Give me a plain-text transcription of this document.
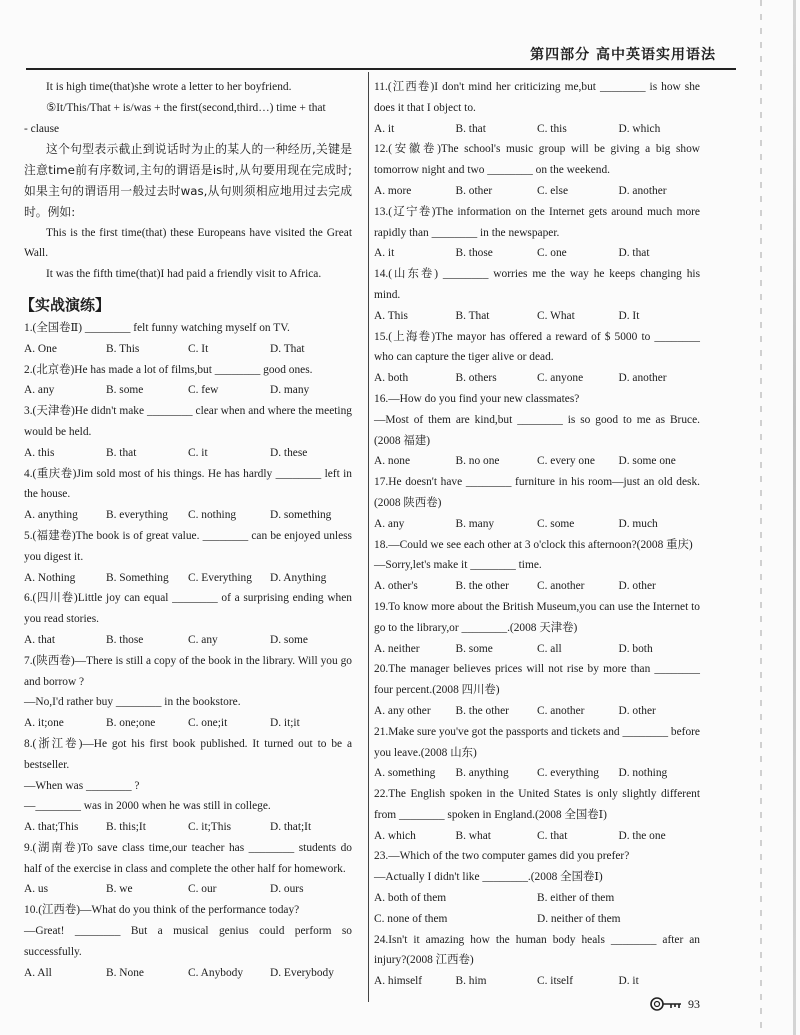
第四部分 高中英语实用语法

It is high time(that)she wrote a letter to her boyfriend.

⑤It/This/That + is/was + the first(second,third…) time + that

- clause

这个句型表示截止到说话时为止的某人的一种经历,关键是注意time前有序数词,主句的谓语是is时,从句要用现在完成时;如果主句的谓语用一般过去时was,从句则须相应地用过去完成时。例如:

This is the first time(that) these Europeans have visited the Great Wall.

It was the fifth time(that)I had paid a friendly visit to Africa.

【实战演练】

1.(全国卷Ⅱ) ________ felt funny watching myself on TV.

A. One	B. This	C. It	D. That

2.(北京卷)He has made a lot of films,but ________ good ones.

A. any	B. some	C. few	D. many

3.(天津卷)He didn't make ________ clear when and where the meeting would be held.

A. this	B. that	C. it	D. these

4.(重庆卷)Jim sold most of his things. He has hardly ________ left in the house.

A. anything	B. everything	C. nothing	D. something

5.(福建卷)The book is of great value. ________ can be enjoyed unless you digest it.

A. Nothing	B. Something	C. Everything	D. Anything

6.(四川卷)Little joy can equal ________ of a surprising ending when you read stories.

A. that	B. those	C. any	D. some

7.(陕西卷)—There is still a copy of the book in the library. Will you go and borrow ?

—No,I'd rather buy ________ in the bookstore.

A. it;one	B. one;one	C. one;it	D. it;it

8.(浙江卷)—He got his first book published. It turned out to be a bestseller.

—When was ________ ?

—________ was in 2000 when he was still in college.

A. that;This	B. this;It	C. it;This	D. that;It

9.(湖南卷)To save class time,our teacher has ________ students do half of the exercise in class and complete the other half for homework.

A. us	B. we	C. our	D. ours

10.(江西卷)—What do you think of the performance today?

—Great! ________ But a musical genius could perform so successfully.

A. All	B. None	C. Anybody	D. Everybody

11.(江西卷)I don't mind her criticizing me,but ________ is how she does it that I object to.

A. it	B. that	C. this	D. which

12.(安徽卷)The school's music group will be giving a big show tomorrow night and two ________ on the weekend.

A. more	B. other	C. else	D. another

13.(辽宁卷)The information on the Internet gets around much more rapidly than ________ in the newspaper.

A. it	B. those	C. one	D. that

14.(山东卷) ________ worries me the way he keeps changing his mind.

A. This	B. That	C. What	D. It

15.(上海卷)The mayor has offered a reward of $ 5000 to ________ who can capture the tiger alive or dead.

A. both	B. others	C. anyone	D. another

16.—How do you find your new classmates?

—Most of them are kind,but ________ is so good to me as Bruce.(2008 福建)

A. none	B. no one	C. every one	D. some one

17.He doesn't have ________ furniture in his room—just an old desk.(2008 陕西卷)

A. any	B. many	C. some	D. much

18.—Could we see each other at 3 o'clock this afternoon?(2008 重庆)

—Sorry,let's make it ________ time.

A. other's	B. the other	C. another	D. other

19.To know more about the British Museum,you can use the Internet to go to the library,or ________.(2008 天津卷)

A. neither	B. some	C. all	D. both

20.The manager believes prices will not rise by more than ________ four percent.(2008 四川卷)

A. any other	B. the other	C. another	D. other

21.Make sure you've got the passports and tickets and ________ before you leave.(2008 山东)

A. something	B. anything	C. everything	D. nothing

22.The English spoken in the United States is only slightly different from ________ spoken in England.(2008 全国卷Ⅰ)

A. which	B. what	C. that	D. the one

23.—Which of the two computer games did you prefer?

—Actually I didn't like ________.(2008 全国卷Ⅰ)

A. both of them	B. either of them
C. none of them	D. neither of them

24.Isn't it amazing how the human body heals ________ after an injury?(2008 江西卷)

A. himself	B. him	C. itself	D. it
93
